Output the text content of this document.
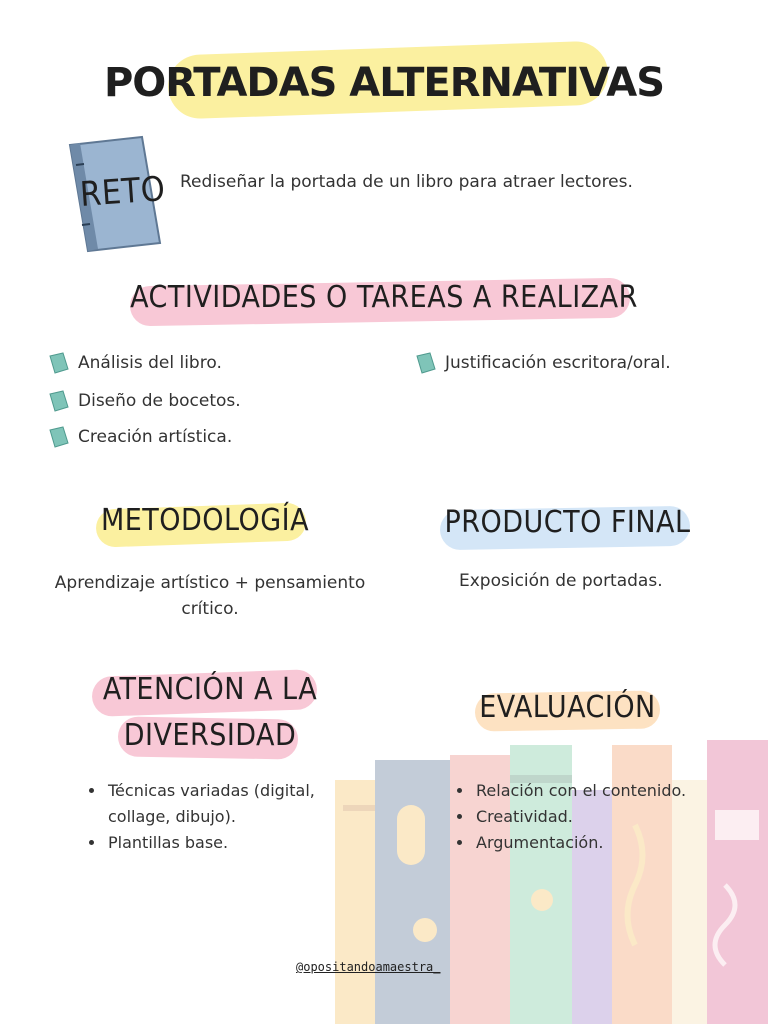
PORTADAS ALTERNATIVAS
RETO Rediseñar la portada de un libro para atraer lectores.
ACTIVIDADES O TAREAS A REALIZAR
Análisis del libro.
Diseño de bocetos.
Creación artística.
Justificación escritora/oral.
METODOLOGÍA
Aprendizaje artístico + pensamiento crítico.
PRODUCTO FINAL
Exposición de portadas.
ATENCIÓN A LA
DIVERSIDAD
• Técnicas variadas (digital, collage, dibujo).
• Plantillas base.
EVALUACIÓN
• Relación con el contenido.
• Creatividad.
• Argumentación.
@opositandoamaestra_
